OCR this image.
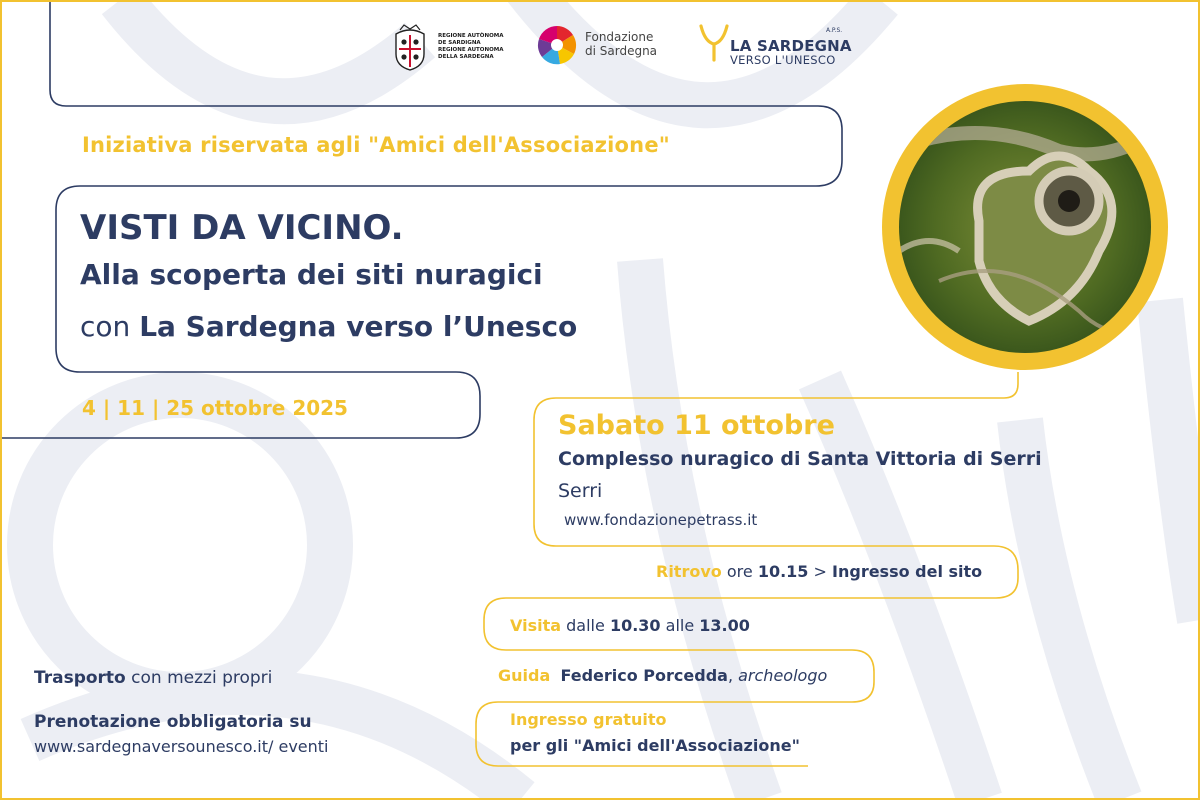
REGIONE AUTÒNOMA
DE SARDIGNA
REGIONE AUTONOMA
DELLA SARDEGNA
Fondazione
di Sardegna
A.P.S.
LA SARDEGNA
VERSO L'UNESCO
Iniziativa riservata agli "Amici dell'Associazione"
VISTI DA VICINO.
Alla scoperta dei siti nuragici
con La Sardegna verso l’Unesco
4 | 11 | 25 ottobre 2025
Sabato 11 ottobre
Complesso nuragico di Santa Vittoria di Serri
Serri
www.fondazionepetrass.it
Ritrovo ore 10.15 > Ingresso del sito
Visita dalle 10.30 alle 13.00
Guida Federico Porcedda, archeologo
Ingresso gratuito
per gli "Amici dell'Associazione"
Trasporto con mezzi propri
Prenotazione obbligatoria su
www.sardegnaversounesco.it/ eventi
